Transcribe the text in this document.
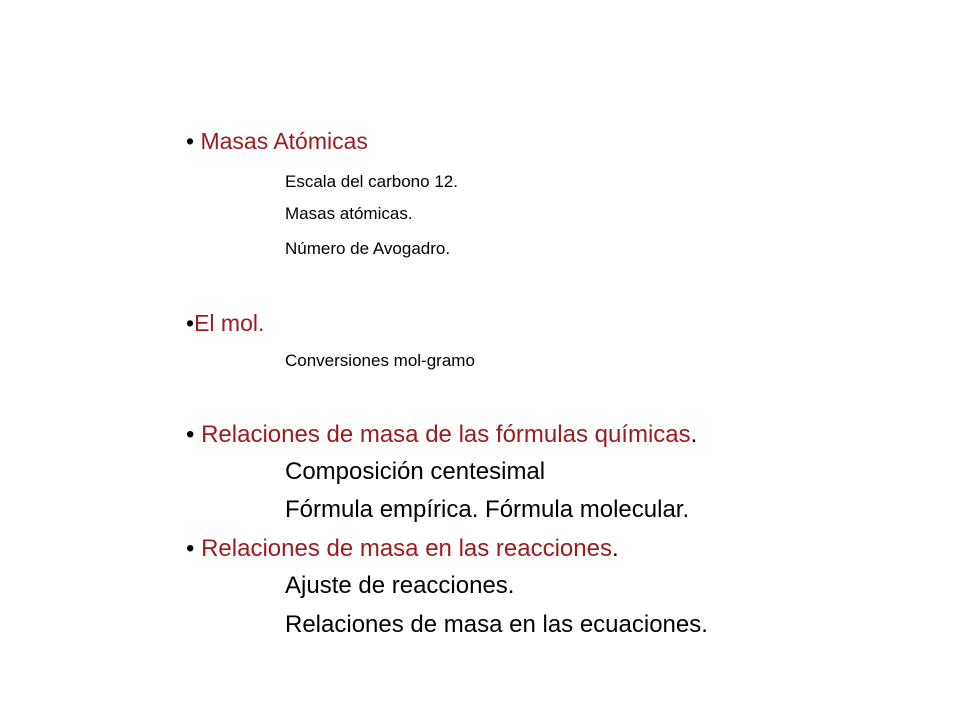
• Masas Atómicas
Escala del carbono 12.
Masas atómicas.
Número de Avogadro.
•El mol.
Conversiones mol-gramo
• Relaciones de masa de las fórmulas químicas.
Composición centesimal
Fórmula empírica. Fórmula molecular.
• Relaciones de masa en las reacciones.
Ajuste de reacciones.
Relaciones de masa en las ecuaciones.
